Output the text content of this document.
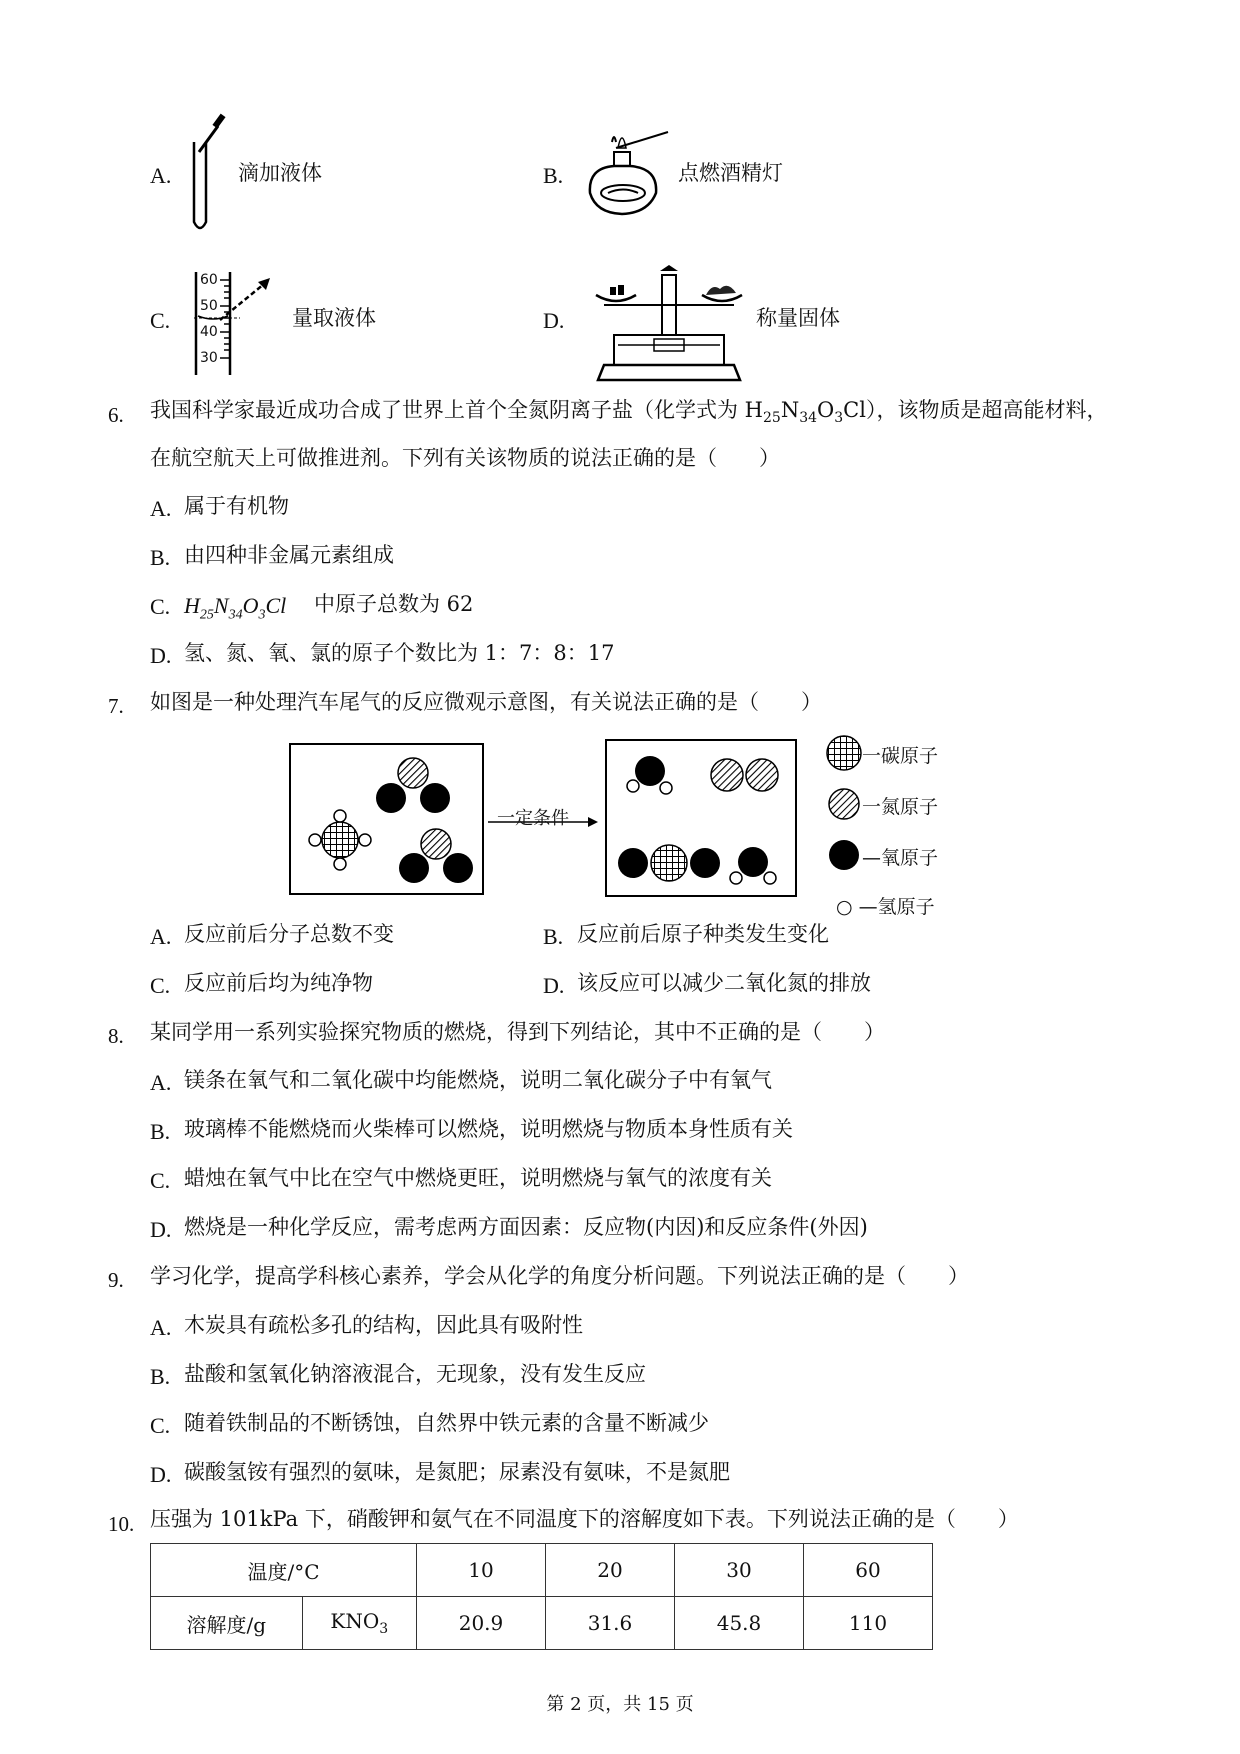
A.	滴加液体	B.	点燃酒精灯
C.
60
50
40
30
量取液体	D.	称量固体
6. 我国科学家最近成功合成了世界上首个全氮阴离子盐（化学式为 $H_{25}N_{34}O_3Cl$），该物质是超高能材料，
在航空航天上可做推进剂。下列有关该物质的说法正确的是（　　）
A. 属于有机物
B. 由四种非金属元素组成
C. $H_{25}N_{34}O_3Cl$ 中原子总数为 62
D. 氢、氮、氧、氯的原子个数比为 1：7：8：17
7. 如图是一种处理汽车尾气的反应微观示意图，有关说法正确的是（　　）
一定条件
一碳原子
一氮原子
—氧原子
○ —氢原子
A. 反应前后分子总数不变	B. 反应前后原子种类发生变化
C. 反应前后均为纯净物	D. 该反应可以减少二氧化氮的排放
8. 某同学用一系列实验探究物质的燃烧，得到下列结论，其中不正确的是（　　）
A. 镁条在氧气和二氧化碳中均能燃烧，说明二氧化碳分子中有氧气
B. 玻璃棒不能燃烧而火柴棒可以燃烧，说明燃烧与物质本身性质有关
C. 蜡烛在氧气中比在空气中燃烧更旺，说明燃烧与氧气的浓度有关
D. 燃烧是一种化学反应，需考虑两方面因素：反应物(内因)和反应条件(外因)
9. 学习化学，提高学科核心素养，学会从化学的角度分析问题。下列说法正确的是（　　）
A. 木炭具有疏松多孔的结构，因此具有吸附性
B. 盐酸和氢氧化钠溶液混合，无现象，没有发生反应
C. 随着铁制品的不断锈蚀，自然界中铁元素的含量不断减少
D. 碳酸氢铵有强烈的氨味，是氮肥；尿素没有氨味，不是氮肥
10. 压强为 101kPa 下，硝酸钾和氨气在不同温度下的溶解度如下表。下列说法正确的是（　　）
温度/°C		10	20	30	60
溶解度/g	$KNO_3$	20.9	31.6	45.8	110
第 2 页，共 15 页
